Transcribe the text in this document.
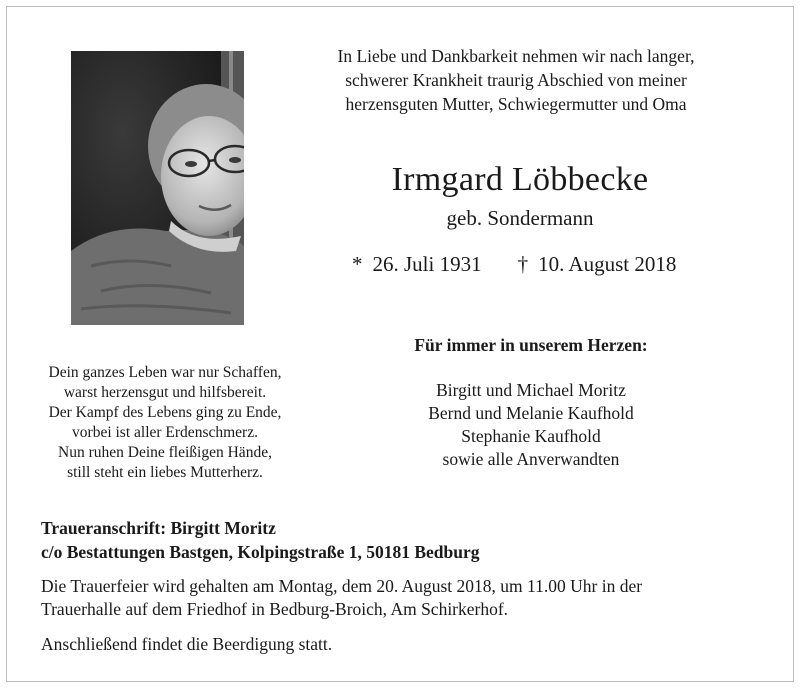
In Liebe und Dankbarkeit nehmen wir nach langer,
schwerer Krankheit traurig Abschied von meiner
herzensguten Mutter, Schwiegermutter und Oma
Irmgard Löbbecke
geb. Sondermann
* 26. Juli 1931 † 10. August 2018
Dein ganzes Leben war nur Schaffen,
warst herzensgut und hilfsbereit.
Der Kampf des Lebens ging zu Ende,
vorbei ist aller Erdenschmerz.
Nun ruhen Deine fleißigen Hände,
still steht ein liebes Mutterherz.
Für immer in unserem Herzen:
Birgitt und Michael Moritz
Bernd und Melanie Kaufhold
Stephanie Kaufhold
sowie alle Anverwandten
Traueranschrift: Birgitt Moritz
c/o Bestattungen Bastgen, Kolpingstraße 1, 50181 Bedburg
Die Trauerfeier wird gehalten am Montag, dem 20. August 2018, um 11.00 Uhr in der
Trauerhalle auf dem Friedhof in Bedburg-Broich, Am Schirkerhof.
Anschließend findet die Beerdigung statt.
